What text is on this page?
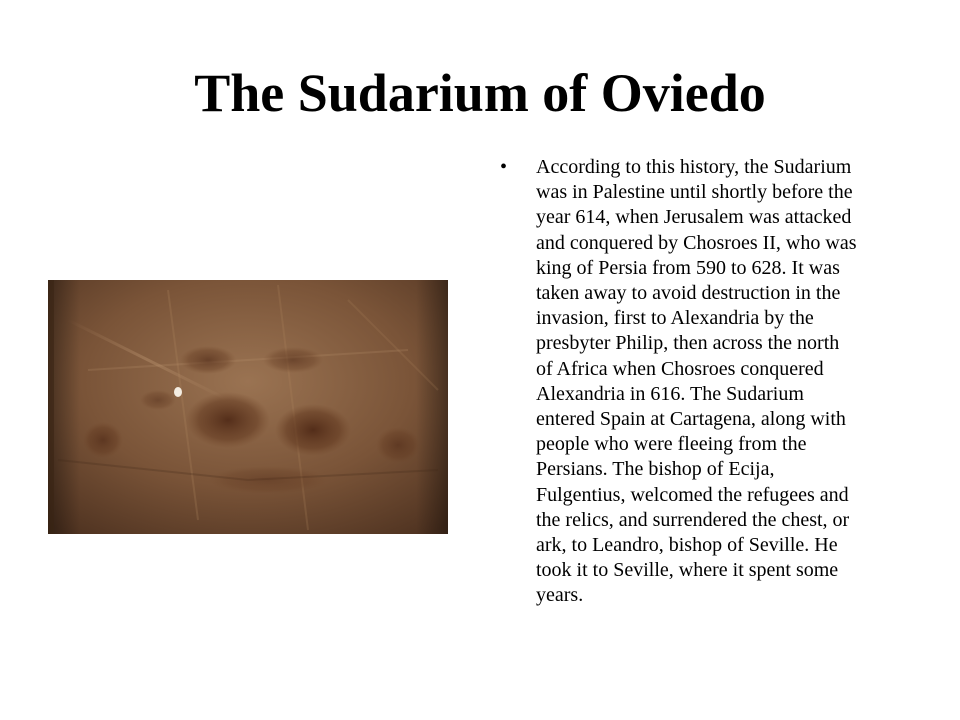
The Sudarium of Oviedo
• According to this history, the Sudarium
was in Palestine until shortly before the
year 614, when Jerusalem was attacked
and conquered by Chosroes II, who was
king of Persia from 590 to 628. It was
taken away to avoid destruction in the
invasion, first to Alexandria by the
presbyter Philip, then across the north
of Africa when Chosroes conquered
Alexandria in 616. The Sudarium
entered Spain at Cartagena, along with
people who were fleeing from the
Persians. The bishop of Ecija,
Fulgentius, welcomed the refugees and
the relics, and surrendered the chest, or
ark, to Leandro, bishop of Seville. He
took it to Seville, where it spent some
years.
